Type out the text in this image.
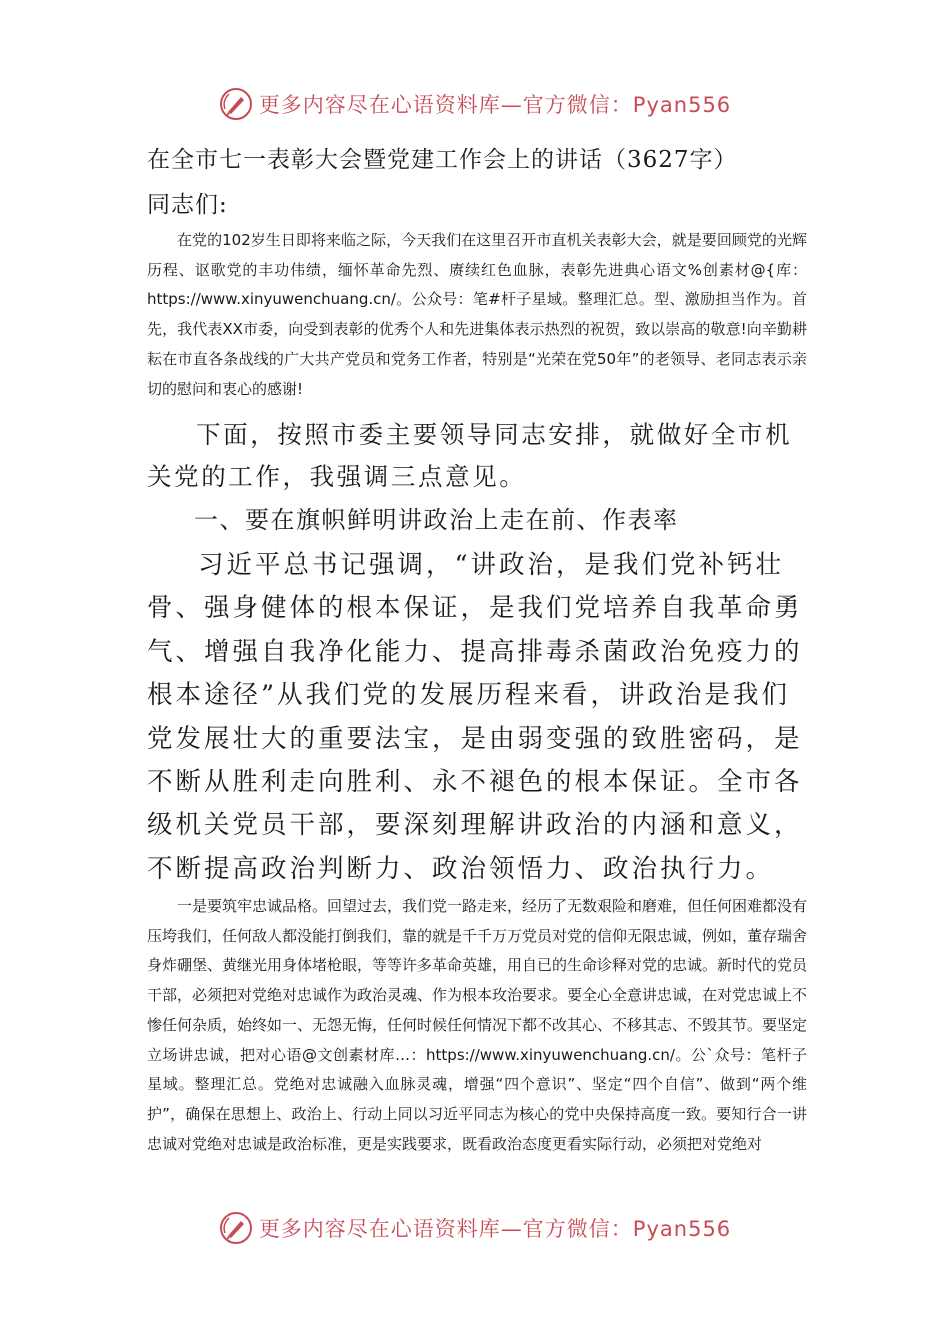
更多内容尽在心语资料库—官方微信：Pyan556
在全市七一表彰大会暨党建工作会上的讲话（3627字）
同志们:

在党的102岁生日即将来临之际，今天我们在这里召开市直机关表彰大会，就是要回顾党的光辉历程、讴歌党的丰功伟绩，缅怀革命先烈、赓续红色血脉，表彰先进典心语文%创素材@{库：https://www.xinyuwenchuang.cn/。公众号：笔#杆子星域。整理汇总。型、激励担当作为。首先，我代表XX市委，向受到表彰的优秀个人和先进集体表示热烈的祝贺，致以崇高的敬意!向辛勤耕耘在市直各条战线的广大共产党员和党务工作者，特别是“光荣在党50年”的老领导、老同志表示亲切的慰问和衷心的感谢!

下面，按照市委主要领导同志安排，就做好全市机关党的工作，我强调三点意见。

一、要在旗帜鲜明讲政治上走在前、作表率

习近平总书记强调，“讲政治，是我们党补钙壮骨、强身健体的根本保证，是我们党培养自我革命勇气、增强自我净化能力、提高排毒杀菌政治免疫力的根本途径”从我们党的发展历程来看，讲政治是我们党发展壮大的重要法宝，是由弱变强的致胜密码，是不断从胜利走向胜利、永不褪色的根本保证。全市各级机关党员干部，要深刻理解讲政治的内涵和意义，不断提高政治判断力、政治领悟力、政治执行力。

一是要筑牢忠诚品格。回望过去，我们党一路走来，经历了无数艰险和磨难，但任何困难都没有压垮我们，任何敌人都没能打倒我们，靠的就是千千万万党员对党的信仰无限忠诚，例如，董存瑞舍身炸硼堡、黄继光用身体堵枪眼，等等许多革命英雄，用自已的生命诊释对党的忠诚。新时代的党员干部，必须把对党绝对忠诚作为政治灵魂、作为根本玫治要求。要全心全意讲忠诚，在对党忠诚上不惨任何杂质，始终如一、无怨无悔，任何时候任何情况下都不改其心、不移其志、不毁其节。要坚定立场讲忠诚，把对心语@文创素材库…：https://www.xinyuwenchuang.cn/。公`众号：笔杆子星域。整理汇总。党绝对忠诚融入血脉灵魂，增强“四个意识”、坚定“四个自信”、做到“两个维护”，确保在思想上、政治上、行动上同以习近平同志为核心的党中央保持高度一致。要知行合一讲忠诚对党绝对忠诚是政治标准，更是实践要求，既看政治态度更看实际行动，必须把对党绝对

更多内容尽在心语资料库—官方微信：Pyan556
